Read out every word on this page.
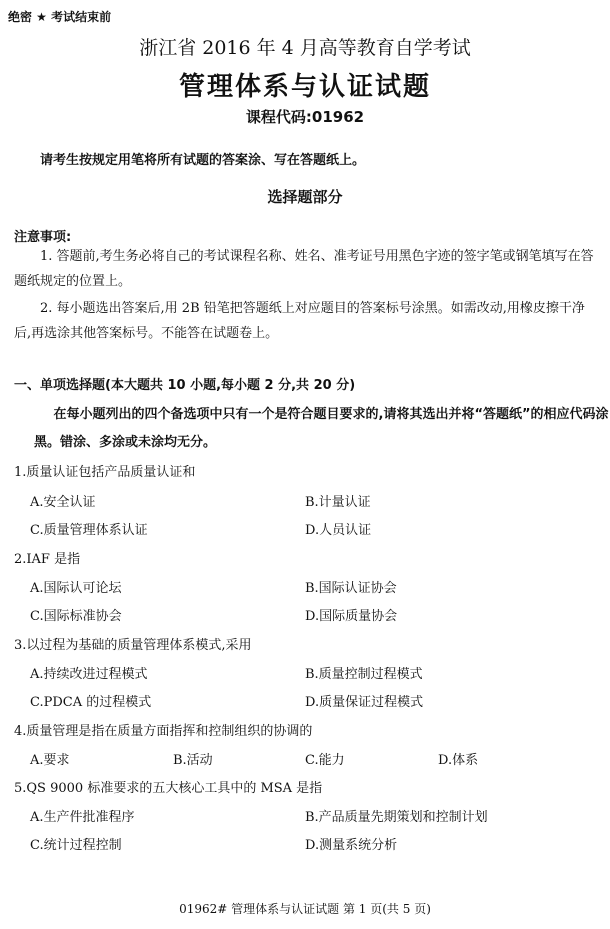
绝密 ★ 考试结束前
浙江省 2016 年 4 月高等教育自学考试
管理体系与认证试题
课程代码:01962
请考生按规定用笔将所有试题的答案涂、写在答题纸上。
选择题部分
注意事项:
1. 答题前,考生务必将自己的考试课程名称、姓名、准考证号用黑色字迹的签字笔或钢笔填写在答题纸规定的位置上。
2. 每小题选出答案后,用 2B 铅笔把答题纸上对应题目的答案标号涂黑。如需改动,用橡皮擦干净后,再选涂其他答案标号。不能答在试题卷上。
一、单项选择题(本大题共 10 小题,每小题 2 分,共 20 分)
在每小题列出的四个备选项中只有一个是符合题目要求的,请将其选出并将“答题纸”的相应代码涂黑。错涂、多涂或未涂均无分。
1.质量认证包括产品质量认证和
A.安全认证	B.计量认证
C.质量管理体系认证	D.人员认证
2.IAF 是指
A.国际认可论坛	B.国际认证协会
C.国际标准协会	D.国际质量协会
3.以过程为基础的质量管理体系模式,采用
A.持续改进过程模式	B.质量控制过程模式
C.PDCA 的过程模式	D.质量保证过程模式
4.质量管理是指在质量方面指挥和控制组织的协调的
A.要求	B.活动	C.能力	D.体系
5.QS 9000 标准要求的五大核心工具中的 MSA 是指
A.生产件批准程序	B.产品质量先期策划和控制计划
C.统计过程控制	D.测量系统分析
01962# 管理体系与认证试题 第 1 页(共 5 页)
